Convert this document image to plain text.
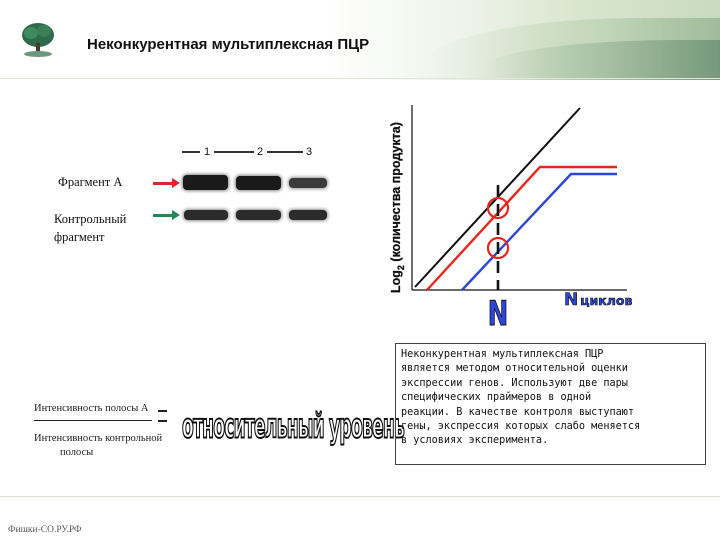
Неконкурентная мультиплексная ПЦР
1	2	3
Фрагмент А
Контрольный
фрагмент
Log$_2$ (количества продукта)
N	N циклов
Интенсивность полосы А
Интенсивность контрольной
полосы
относительный уровень
Неконкурентная мультиплексная ПЦР
является методом относительной оценки
экспрессии генов. Используют две пары
специфических праймеров в одной
реакции. В качестве контроля выступают
гены, экспрессия которых слабо меняется
в условиях эксперимента.
Фишки-СО.РУ.РФ
